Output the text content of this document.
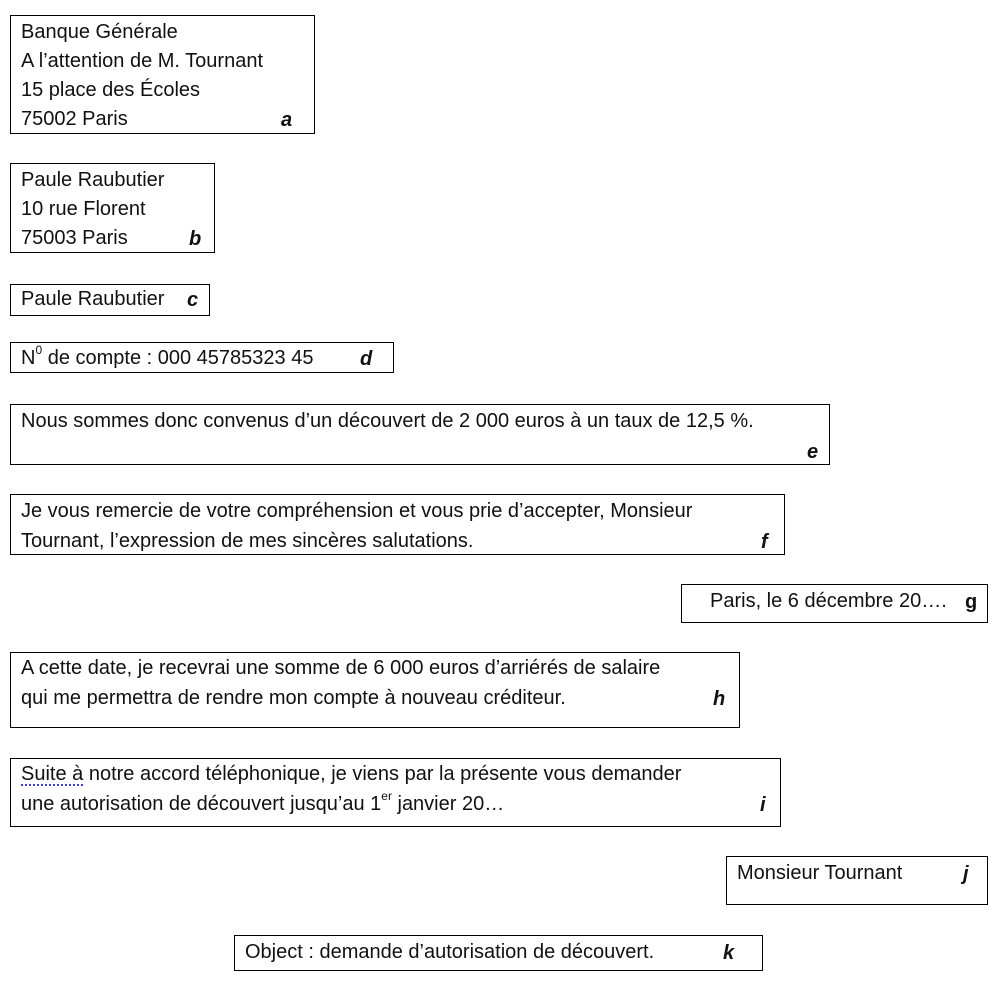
Banque Générale
A l’attention de M. Tournant
15 place des Écoles
75002 Paris	a
Paule Raubutier
10 rue Florent
75003 Paris	b
Paule Raubutier c
$N^0$ de compte : 000 45785323 45 d
Nous sommes donc convenus d’un découvert de 2 000 euros à un taux de 12,5 %.
e
Je vous remercie de votre compréhension et vous prie d’accepter, Monsieur
Tournant, l’expression de mes sincères salutations.	f
Paris, le 6 décembre 20…. g
A cette date, je recevrai une somme de 6 000 euros d’arriérés de salaire
qui me permettra de rendre mon compte à nouveau créditeur.	h
Suite à notre accord téléphonique, je viens par la présente vous demander
une autorisation de découvert jusqu’au 1er janvier 20…	i
Monsieur Tournant	j
Object : demande d’autorisation de découvert.	k
